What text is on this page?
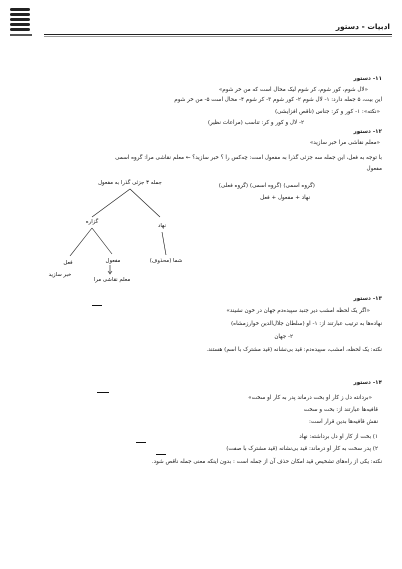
ادبیات - دستور
۱۱- دستور
«لال شوم، کور شوم، کر شوم لیک محال است که من خر شوم»
این بیت، ۵ جمله دارد: ۱- لال شوم ۲- کور شوم ۳- کر شوم ۴- محال است ۵- من خر شوم
«نکته»: ۱- کور و کر: جناس (ناقص افزایشی)
۲- لال و کور و کر: تناسب (مراعات نظیر)
۱۲- دستور
«معلم نقاشی مرا خبر سازید»
با توجه به فعل، این جمله سه جزئی گذرا به مفعول است: چه‌کس را ؟ خبر سازید؟ ← معلم نقاشی مرا: گروه اسمی
مفعول
(گروه اسمی) (گروه اسمی) (گروه فعلی)
نهاد + مفعول + فعل
جمله ۳ جزئی گذرا به مفعول
گزاره
نهاد
فعل	مفعول	شما (محذوف)
معلم نقاشی مرا
خبر سازید
۱۳- دستور
«اگر یک لحظه امشب دیر جنبد سپیده‌دم جهان در خون نشیند»
نهاده‌ها به ترتیب عبارتند از: ۱- او (سلطان جلال‌الدین خوارزمشاه)
۲- جهان
نکته: یک لحظه، امشب، سپیده‌دم: قید بی‌نشانه (قید مشترک با اسم) هستند.
۱۴- دستور
«بردانته دل ز کار او بخت درماند پدر به کار او سخت»
قافیه‌ها عبارتند از: بخت و سخت
نقش قافیه‌ها بدین قرار است:
۱) بخت از کار او دل برداشته: نهاد
۲) پدر سخت به کار او درماند: قید بی‌نشانه (قید مشترک با صفت)
نکته: یکی از راه‌های تشخیص قید امکان حذف آن از جمله است : بدون اینکه معنی جمله ناقص شود.
